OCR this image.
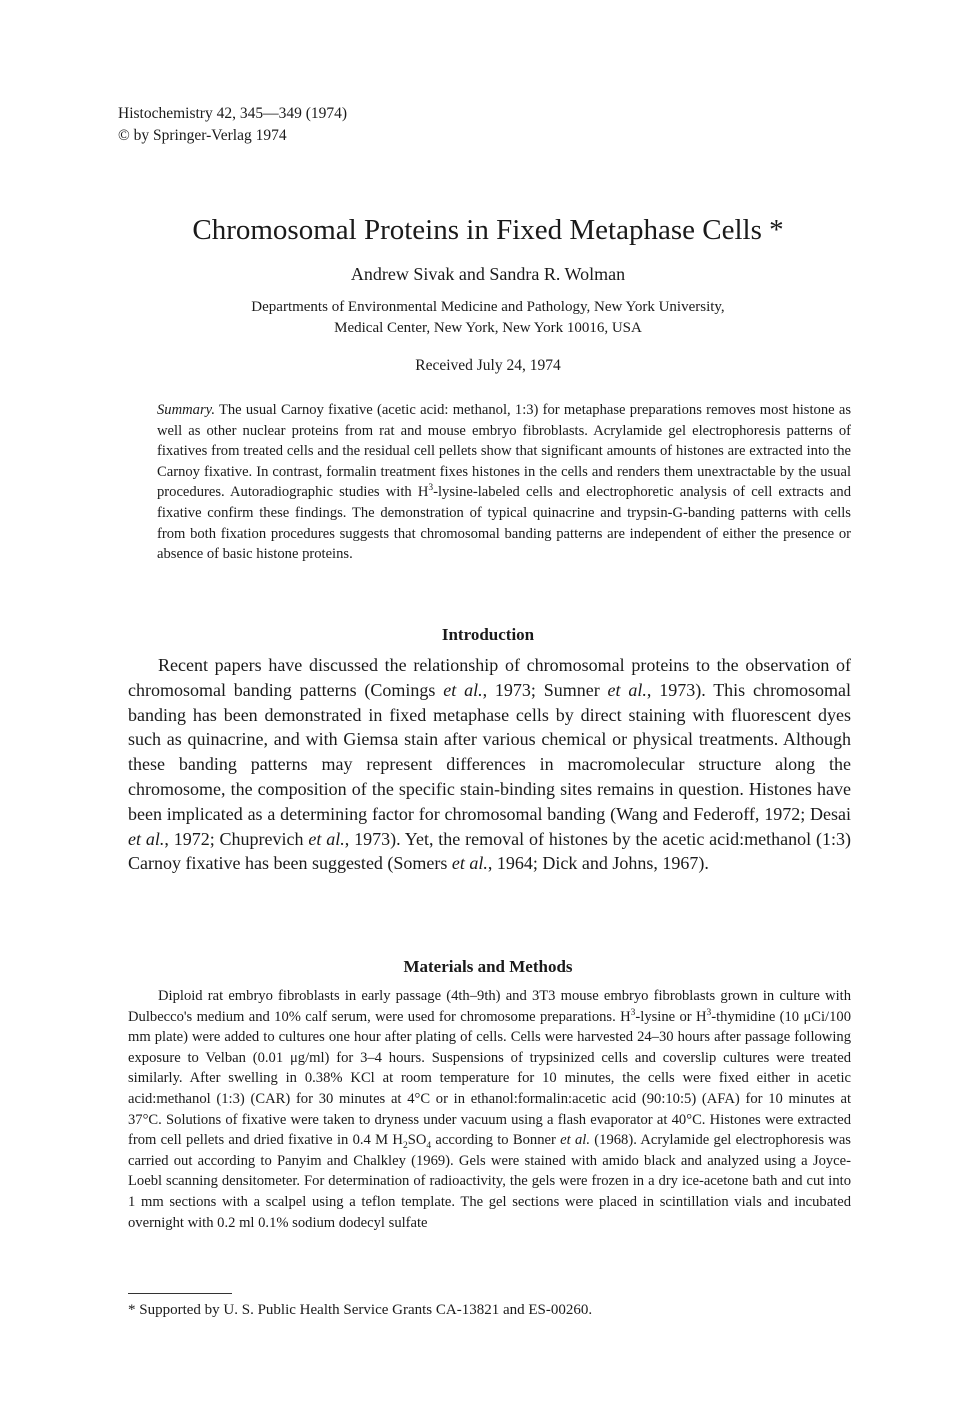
Histochemistry 42, 345—349 (1974)
© by Springer-Verlag 1974
Chromosomal Proteins in Fixed Metaphase Cells *
Andrew Sivak and Sandra R. Wolman
Departments of Environmental Medicine and Pathology, New York University,
Medical Center, New York, New York 10016, USA
Received July 24, 1974
Summary. The usual Carnoy fixative (acetic acid: methanol, 1:3) for metaphase preparations removes most histone as well as other nuclear proteins from rat and mouse embryo fibroblasts. Acrylamide gel electrophoresis patterns of fixatives from treated cells and the residual cell pellets show that significant amounts of histones are extracted into the Carnoy fixative. In contrast, formalin treatment fixes histones in the cells and renders them unextractable by the usual procedures. Autoradiographic studies with $H^3-lysine$-labeled cells and electrophoretic analysis of cell extracts and fixative confirm these findings. The demonstration of typical quinacrine and trypsin-G-banding patterns with cells from both fixation procedures suggests that chromosomal banding patterns are independent of either the presence or absence of basic histone proteins.
Introduction

Recent papers have discussed the relationship of chromosomal proteins to the observation of chromosomal banding patterns (Comings et al., 1973; Sumner et al., 1973). This chromosomal banding has been demonstrated in fixed metaphase cells by direct staining with fluorescent dyes such as quinacrine, and with Giemsa stain after various chemical or physical treatments. Although these banding patterns may represent differences in macromolecular structure along the chromosome, the composition of the specific stain-binding sites remains in question. Histones have been implicated as a determining factor for chromosomal banding (Wang and Federoff, 1972; Desai et al., 1972; Chuprevich et al., 1973). Yet, the removal of histones by the acetic acid:methanol (1:3) Carnoy fixative has been suggested (Somers et al., 1964; Dick and Johns, 1967).

Materials and Methods

Diploid rat embryo fibroblasts in early passage (4th–9th) and 3T3 mouse embryo fibroblasts grown in culture with Dulbecco's medium and 10% calf serum, were used for chromosome preparations. $H^3$-lysine or $H^3$-thymidine (10 μCi/100 mm plate) were added to cultures one hour after plating of cells. Cells were harvested 24–30 hours after passage following exposure to Velban (0.01 μg/ml) for 3–4 hours. Suspensions of trypsinized cells and coverslip cultures were treated similarly. After swelling in 0.38% KCl at room temperature for 10 minutes, the cells were fixed either in acetic acid:methanol (1:3) (CAR) for 30 minutes at 4°C or in ethanol:formalin:acetic acid (90:10:5) (AFA) for 10 minutes at 37°C. Solutions of fixative were taken to dryness under vacuum using a flash evaporator at 40°C. Histones were extracted from cell pellets and dried fixative in 0.4 M $H_2SO_4$ according to Bonner et al. (1968). Acrylamide gel electrophoresis was carried out according to Panyim and Chalkley (1969). Gels were stained with amido black and analyzed using a Joyce-Loebl scanning densitometer. For determination of radioactivity, the gels were frozen in a dry ice-acetone bath and cut into 1 mm sections with a scalpel using a teflon template. The gel sections were placed in scintillation vials and incubated overnight with 0.2 ml 0.1% sodium dodecyl sulfate

* Supported by U. S. Public Health Service Grants CA-13821 and ES-00260.
